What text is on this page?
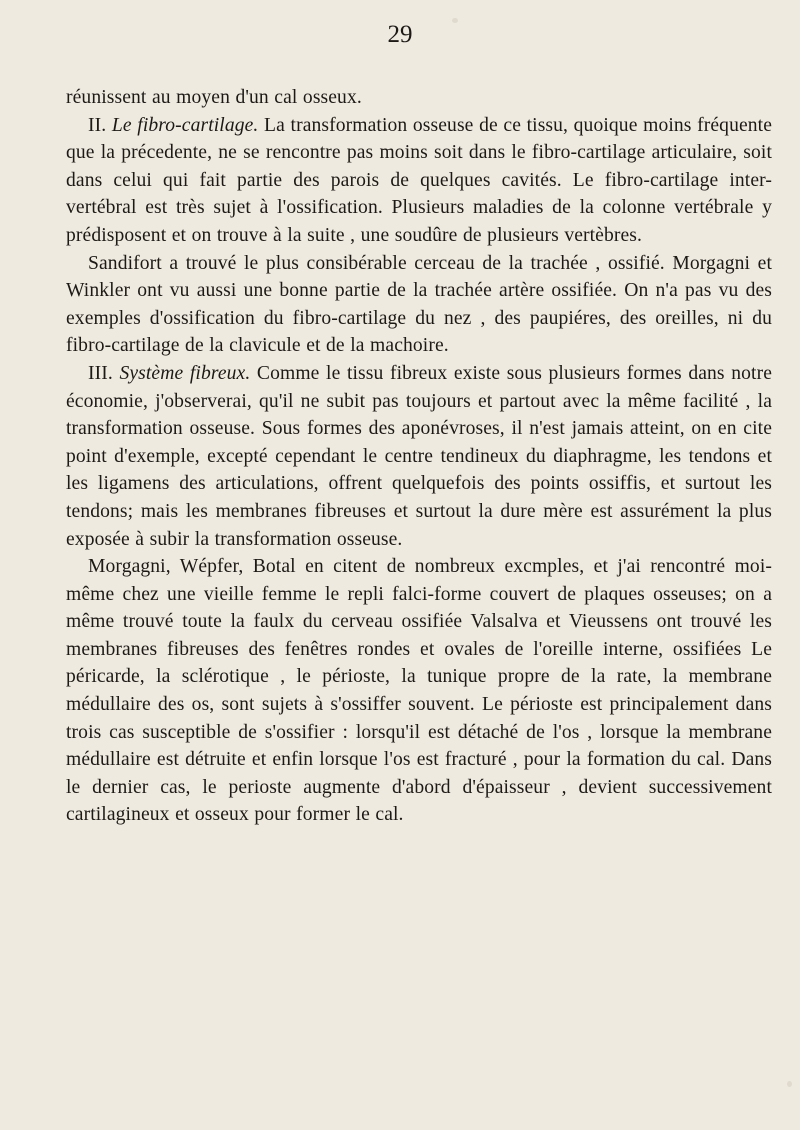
29

réunissent au moyen d'un cal osseux.

II. Le fibro-cartilage. La transformation osseuse de ce tissu, quoique moins fréquente que la précedente, ne se rencontre pas moins soit dans le fibro-cartilage articulaire, soit dans celui qui fait partie des parois de quelques cavités. Le fibro-cartilage inter-vertébral est très sujet à l'ossification. Plusieurs maladies de la colonne vertébrale y prédisposent et on trouve à la suite , une soudûre de plusieurs vertèbres.

Sandifort a trouvé le plus consibérable cerceau de la trachée , ossifié. Morgagni et Winkler ont vu aussi une bonne partie de la trachée artère ossifiée. On n'a pas vu des exemples d'ossification du fibro-cartilage du nez , des paupiéres, des oreilles, ni du fibro-cartilage de la clavicule et de la machoire.

III. Système fibreux. Comme le tissu fibreux existe sous plusieurs formes dans notre économie, j'observerai, qu'il ne subit pas toujours et partout avec la même facilité , la transformation osseuse. Sous formes des aponévroses, il n'est jamais atteint, on en cite point d'exemple, excepté cependant le centre tendineux du diaphragme, les tendons et les ligamens des articulations, offrent quelquefois des points ossiffis, et surtout les tendons; mais les membranes fibreuses et surtout la dure mère est assurément la plus exposée à subir la transformation osseuse.

Morgagni, Wépfer, Botal en citent de nombreux excmples, et j'ai rencontré moi-même chez une vieille femme le repli falci-forme couvert de plaques osseuses; on a même trouvé toute la faulx du cerveau ossifiée Valsalva et Vieussens ont trouvé les membranes fibreuses des fenêtres rondes et ovales de l'oreille interne, ossifiées Le péricarde, la sclérotique , le périoste, la tunique propre de la rate, la membrane médullaire des os, sont sujets à s'ossiffer souvent. Le périoste est principalement dans trois cas susceptible de s'ossifier : lorsqu'il est détaché de l'os , lorsque la membrane médullaire est détruite et enfin lorsque l'os est fracturé , pour la formation du cal. Dans le dernier cas, le perioste augmente d'abord d'épaisseur , devient successivement cartilagineux et osseux pour former le cal.
